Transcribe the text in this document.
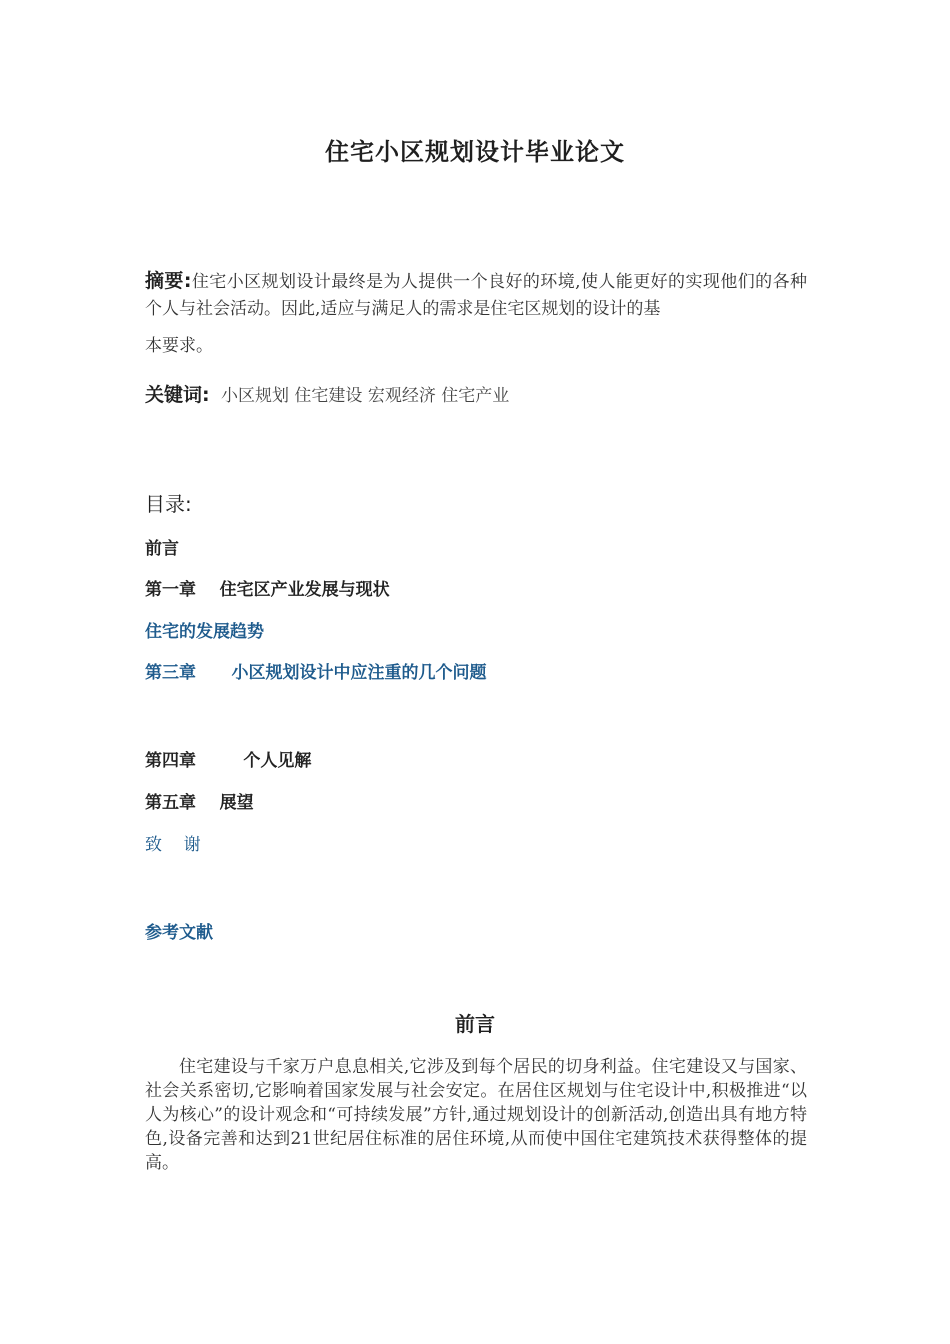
住宅小区规划设计毕业论文
摘要:住宅小区规划设计最终是为人提供一个良好的环境,使人能更好的实现他们的各种个人与社会活动。因此,适应与满足人的需求是住宅区规划的设计的基
本要求。
关键词: 小区规划 住宅建设 宏观经济 住宅产业
目录:
前言
第一章    住宅区产业发展与现状
住宅的发展趋势
第三章      小区规划设计中应注重的几个问题
第四章        个人见解
第五章    展望
致    谢
参考文献
前言
住宅建设与千家万户息息相关,它涉及到每个居民的切身利益。住宅建设又与国家、社会关系密切,它影响着国家发展与社会安定。在居住区规划与住宅设计中,积极推进“以人为核心”的设计观念和“可持续发展”方针,通过规划设计的创新活动,创造出具有地方特色,设备完善和达到21世纪居住标准的居住环境,从而使中国住宅建筑技术获得整体的提高。
